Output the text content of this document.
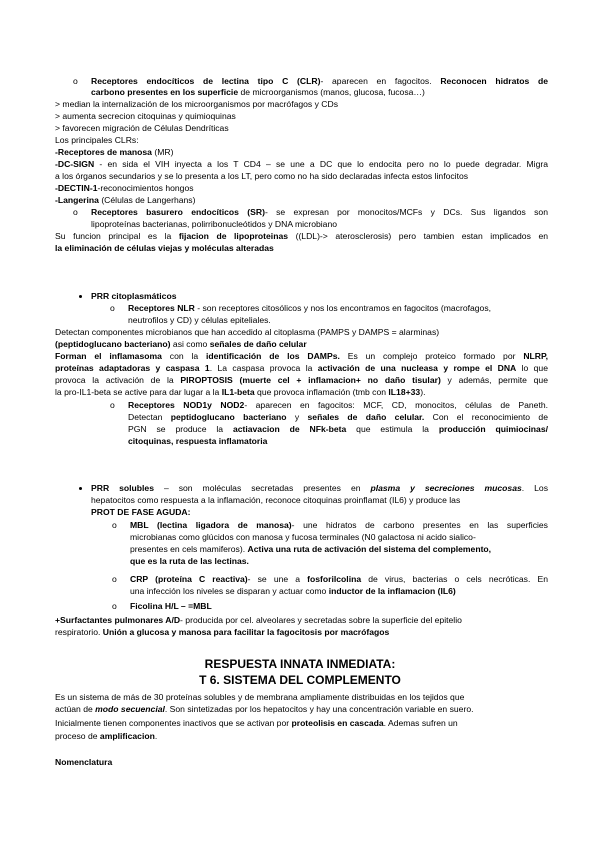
o Receptores endocíticos de lectina tipo C (CLR)- aparecen en fagocitos. Reconocen hidratos de
carbono presentes en los superficie de microorganismos (manos, glucosa, fucosa…)
> median la internalización de los microorganismos por macrófagos y CDs
> aumenta secrecion citoquinas y quimioquinas
> favorecen migración de Células Dendríticas
Los principales CLRs:
-Receptores de manosa (MR)
-DC-SIGN - en sida el VIH inyecta a los T CD4 – se une a DC que lo endocita pero no lo puede degradar. Migra
a los órganos secundarios y se lo presenta a los LT, pero como no ha sido declaradas infecta estos linfocitos
-DECTIN-1-reconocimientos hongos
-Langerina (Células de Langerhans)
o Receptores basurero endocíticos (SR)- se expresan por monocitos/MCFs y DCs. Sus ligandos son
lipoproteínas bacterianas, polirribonucleótidos y DNA microbiano
Su funcion principal es la fijacion de lipoproteinas ((LDL)-> aterosclerosis) pero tambien estan implicados en
la eliminación de células viejas y moléculas alteradas
PRR citoplasmáticos
o Receptores NLR - son receptores citosólicos y nos los encontramos en fagocitos (macrofagos,
neutrofilos y CD) y células epiteliales.
Detectan componentes microbianos que han accedido al citoplasma (PAMPS y DAMPS = alarminas)
(peptidoglucano bacteriano) asi como señales de daño celular
Forman el inflamasoma con la identificación de los DAMPs. Es un complejo proteico formado por NLRP,
proteínas adaptadoras y caspasa 1. La caspasa provoca la activación de una nucleasa y rompe el DNA lo que
provoca la activación de la PIROPTOSIS (muerte cel + inflamacion+ no daño tisular) y además, permite que
la pro-IL1-beta se active para dar lugar a la IL1-beta que provoca inflamación (tmb con IL18+33).
o Receptores NOD1y NOD2- aparecen en fagocitos: MCF, CD, monocitos, células de Paneth.
Detectan peptidoglucano bacteriano y señales de daño celular. Con el reconocimiento de
PGN se produce la actiavacion de NFk-beta que estimula la producción quimiocinas/
citoquinas, respuesta inflamatoria
PRR solubles – son moléculas secretadas presentes en plasma y secreciones mucosas. Los
hepatocitos como respuesta a la inflamación, reconoce citoquinas proinflamat (IL6) y produce las
PROT DE FASE AGUDA:
o MBL (lectina ligadora de manosa)- une hidratos de carbono presentes en las superficies
microbianas como glúcidos con manosa y fucosa terminales (N0 galactosa ni acido sialico-
presentes en cels mamiferos). Activa una ruta de activación del sistema del complemento,
que es la ruta de las lectinas.
o CRP (proteína C reactiva)- se une a fosforilcolina de virus, bacterias o cels necróticas. En
una infección los niveles se disparan y actuar como inductor de la inflamacion (IL6)
o Ficolina H/L – =MBL
+Surfactantes pulmonares A/D- producida por cel. alveolares y secretadas sobre la superficie del epitelio
respiratorio. Unión a glucosa y manosa para facilitar la fagocitosis por macrófagos
RESPUESTA INNATA INMEDIATA:
T 6. SISTEMA DEL COMPLEMENTO
Es un sistema de más de 30 proteínas solubles y de membrana ampliamente distribuidas en los tejidos que
actúan de modo secuencial. Son sintetizadas por los hepatocitos y hay una concentración variable en suero.
Inicialmente tienen componentes inactivos que se activan por proteolisis en cascada. Ademas sufren un
proceso de amplificacion.
Nomenclatura
